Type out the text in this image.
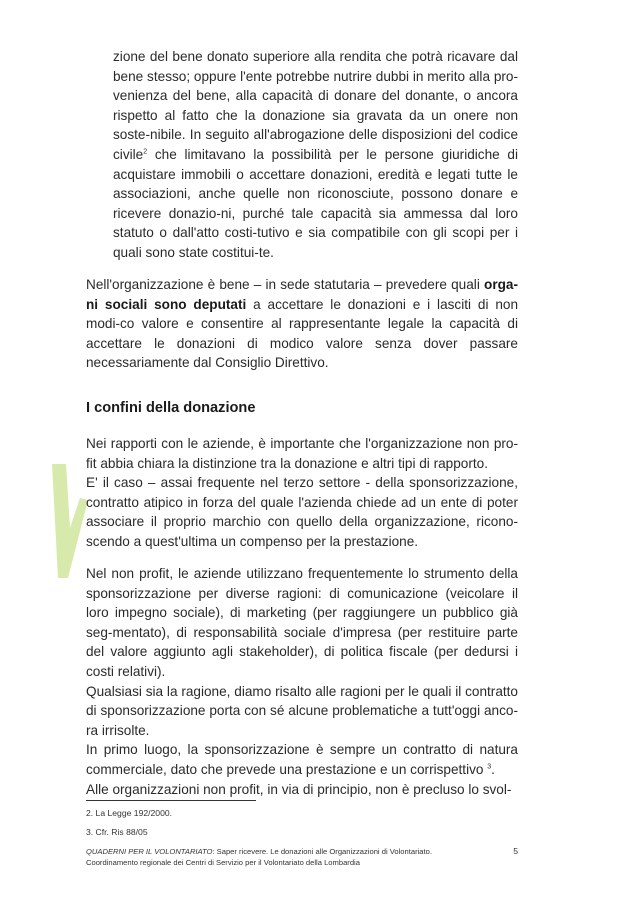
zione del bene donato superiore alla rendita che potrà ricavare dal bene stesso; oppure l'ente potrebbe nutrire dubbi in merito alla pro-venienza del bene, alla capacità di donare del donante, o ancora rispetto al fatto che la donazione sia gravata da un onere non soste-nibile. In seguito all'abrogazione delle disposizioni del codice civile$^2$ che limitavano la possibilità per le persone giuridiche di acquistare immobili o accettare donazioni, eredità e legati tutte le associazioni, anche quelle non riconosciute, possono donare e ricevere donazio-ni, purché tale capacità sia ammessa dal loro statuto o dall'atto costi-tutivo e sia compatibile con gli scopi per i quali sono state costitui-te.

Nell'organizzazione è bene – in sede statutaria – prevedere quali orga-ni sociali sono deputati a accettare le donazioni e i lasciti di non modi-co valore e consentire al rappresentante legale la capacità di accettare le donazioni di modico valore senza dover passare necessariamente dal Consiglio Direttivo.

I confini della donazione

Nei rapporti con le aziende, è importante che l'organizzazione non pro-fit abbia chiara la distinzione tra la donazione e altri tipi di rapporto.
E' il caso – assai frequente nel terzo settore - della sponsorizzazione, contratto atipico in forza del quale l'azienda chiede ad un ente di poter associare il proprio marchio con quello della organizzazione, ricono-scendo a quest'ultima un compenso per la prestazione.

Nel non profit, le aziende utilizzano frequentemente lo strumento della sponsorizzazione per diverse ragioni: di comunicazione (veicolare il loro impegno sociale), di marketing (per raggiungere un pubblico già seg-mentato), di responsabilità sociale d'impresa (per restituire parte del valore aggiunto agli stakeholder), di politica fiscale (per dedursi i costi relativi).
Qualsiasi sia la ragione, diamo risalto alle ragioni per le quali il contratto di sponsorizzazione porta con sé alcune problematiche a tutt'oggi anco-ra irrisolte.
In primo luogo, la sponsorizzazione è sempre un contratto di natura commerciale, dato che prevede una prestazione e un corrispettivo $^3$.
Alle organizzazioni non profit, in via di principio, non è precluso lo svol-

2. La Legge 192/2000.

3. Cfr. Ris 88/05

QUADERNI PER IL VOLONTARIATO: Saper ricevere. Le donazioni alle Organizzazioni di Volontariato.
Coordinamento regionale dei Centri di Servizio per il Volontariato della Lombardia
5
